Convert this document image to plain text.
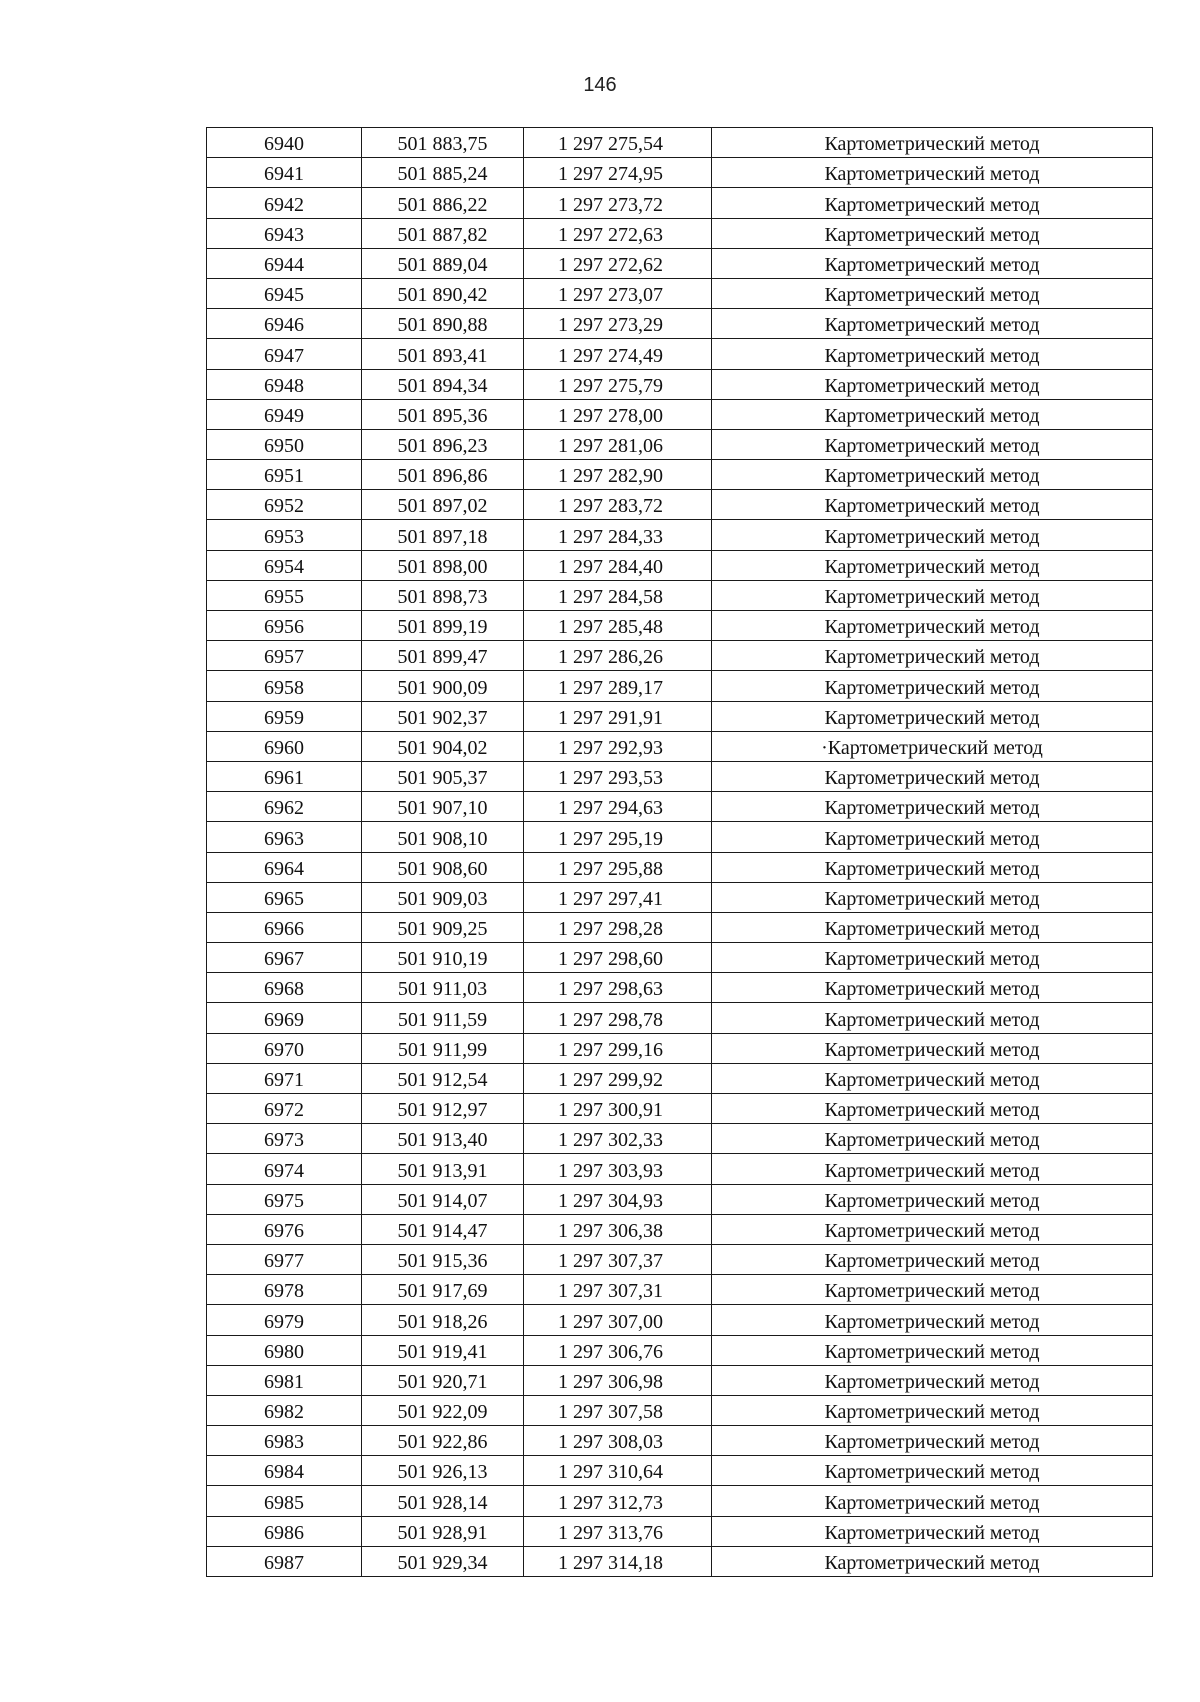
146
6940	501 883,75	1 297 275,54	Картометрический метод
6941	501 885,24	1 297 274,95	Картометрический метод
6942	501 886,22	1 297 273,72	Картометрический метод
6943	501 887,82	1 297 272,63	Картометрический метод
6944	501 889,04	1 297 272,62	Картометрический метод
6945	501 890,42	1 297 273,07	Картометрический метод
6946	501 890,88	1 297 273,29	Картометрический метод
6947	501 893,41	1 297 274,49	Картометрический метод
6948	501 894,34	1 297 275,79	Картометрический метод
6949	501 895,36	1 297 278,00	Картометрический метод
6950	501 896,23	1 297 281,06	Картометрический метод
6951	501 896,86	1 297 282,90	Картометрический метод
6952	501 897,02	1 297 283,72	Картометрический метод
6953	501 897,18	1 297 284,33	Картометрический метод
6954	501 898,00	1 297 284,40	Картометрический метод
6955	501 898,73	1 297 284,58	Картометрический метод
6956	501 899,19	1 297 285,48	Картометрический метод
6957	501 899,47	1 297 286,26	Картометрический метод
6958	501 900,09	1 297 289,17	Картометрический метод
6959	501 902,37	1 297 291,91	Картометрический метод
6960	501 904,02	1 297 292,93	·Картометрический метод
6961	501 905,37	1 297 293,53	Картометрический метод
6962	501 907,10	1 297 294,63	Картометрический метод
6963	501 908,10	1 297 295,19	Картометрический метод
6964	501 908,60	1 297 295,88	Картометрический метод
6965	501 909,03	1 297 297,41	Картометрический метод
6966	501 909,25	1 297 298,28	Картометрический метод
6967	501 910,19	1 297 298,60	Картометрический метод
6968	501 911,03	1 297 298,63	Картометрический метод
6969	501 911,59	1 297 298,78	Картометрический метод
6970	501 911,99	1 297 299,16	Картометрический метод
6971	501 912,54	1 297 299,92	Картометрический метод
6972	501 912,97	1 297 300,91	Картометрический метод
6973	501 913,40	1 297 302,33	Картометрический метод
6974	501 913,91	1 297 303,93	Картометрический метод
6975	501 914,07	1 297 304,93	Картометрический метод
6976	501 914,47	1 297 306,38	Картометрический метод
6977	501 915,36	1 297 307,37	Картометрический метод
6978	501 917,69	1 297 307,31	Картометрический метод
6979	501 918,26	1 297 307,00	Картометрический метод
6980	501 919,41	1 297 306,76	Картометрический метод
6981	501 920,71	1 297 306,98	Картометрический метод
6982	501 922,09	1 297 307,58	Картометрический метод
6983	501 922,86	1 297 308,03	Картометрический метод
6984	501 926,13	1 297 310,64	Картометрический метод
6985	501 928,14	1 297 312,73	Картометрический метод
6986	501 928,91	1 297 313,76	Картометрический метод
6987	501 929,34	1 297 314,18	Картометрический метод
